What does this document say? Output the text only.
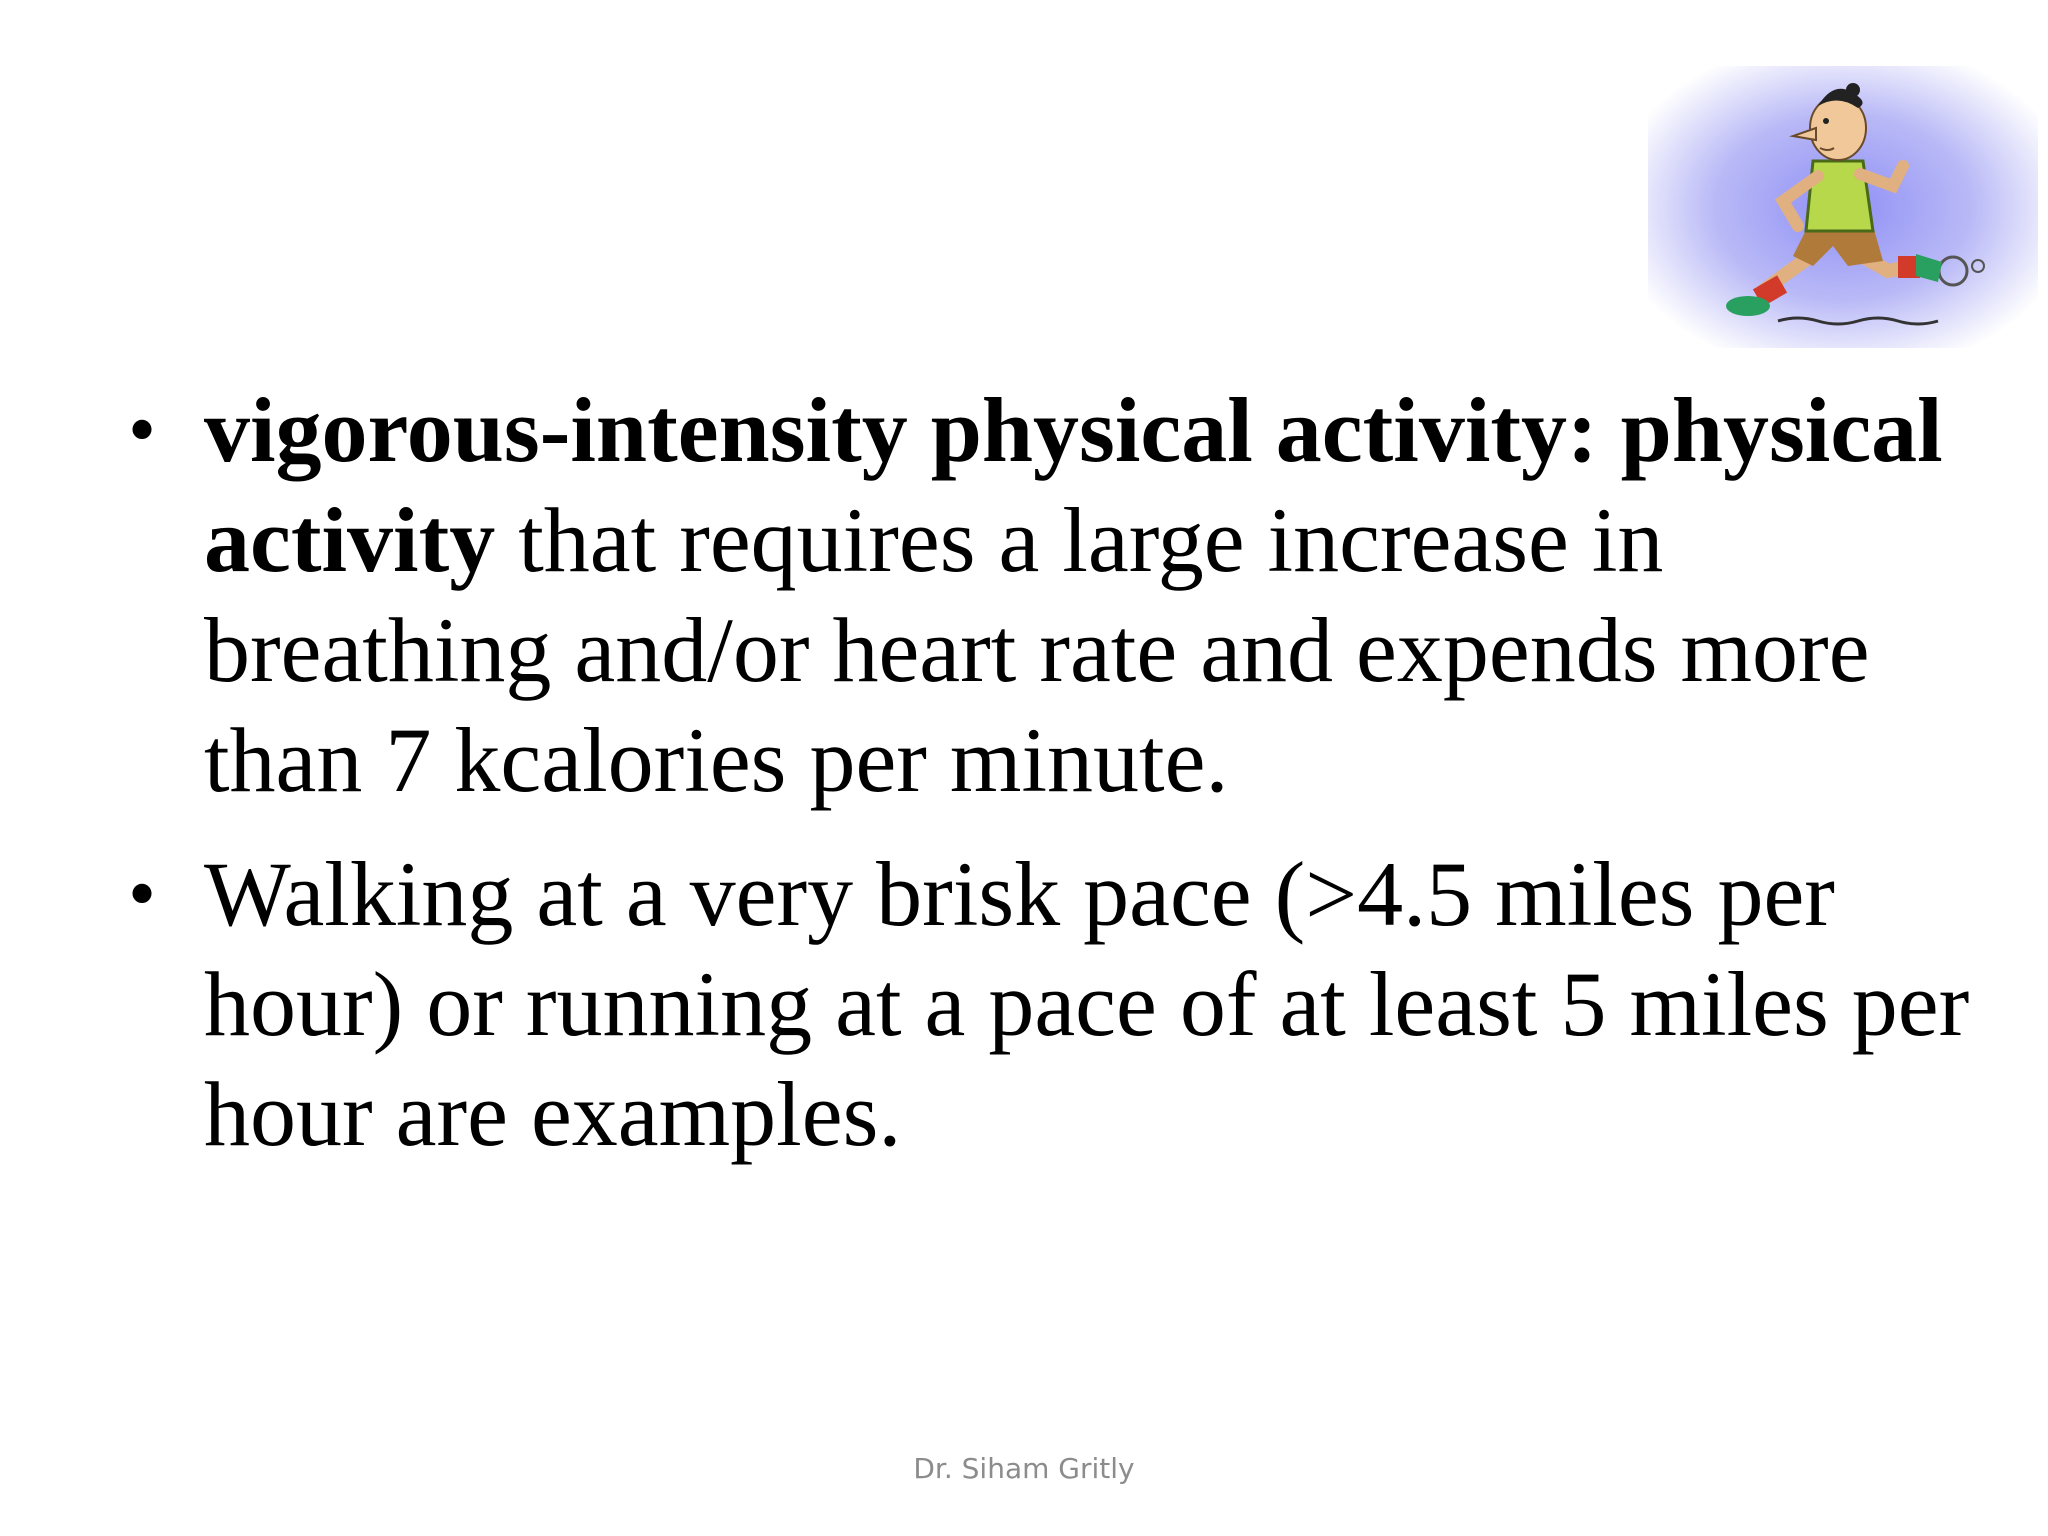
• vigorous-intensity physical activity: physical activity that requires a large increase in breathing and/or heart rate and expends more than 7 kcalories per minute.
• Walking at a very brisk pace (>4.5 miles per hour) or running at a pace of at least 5 miles per hour are examples.
Dr. Siham Gritly
